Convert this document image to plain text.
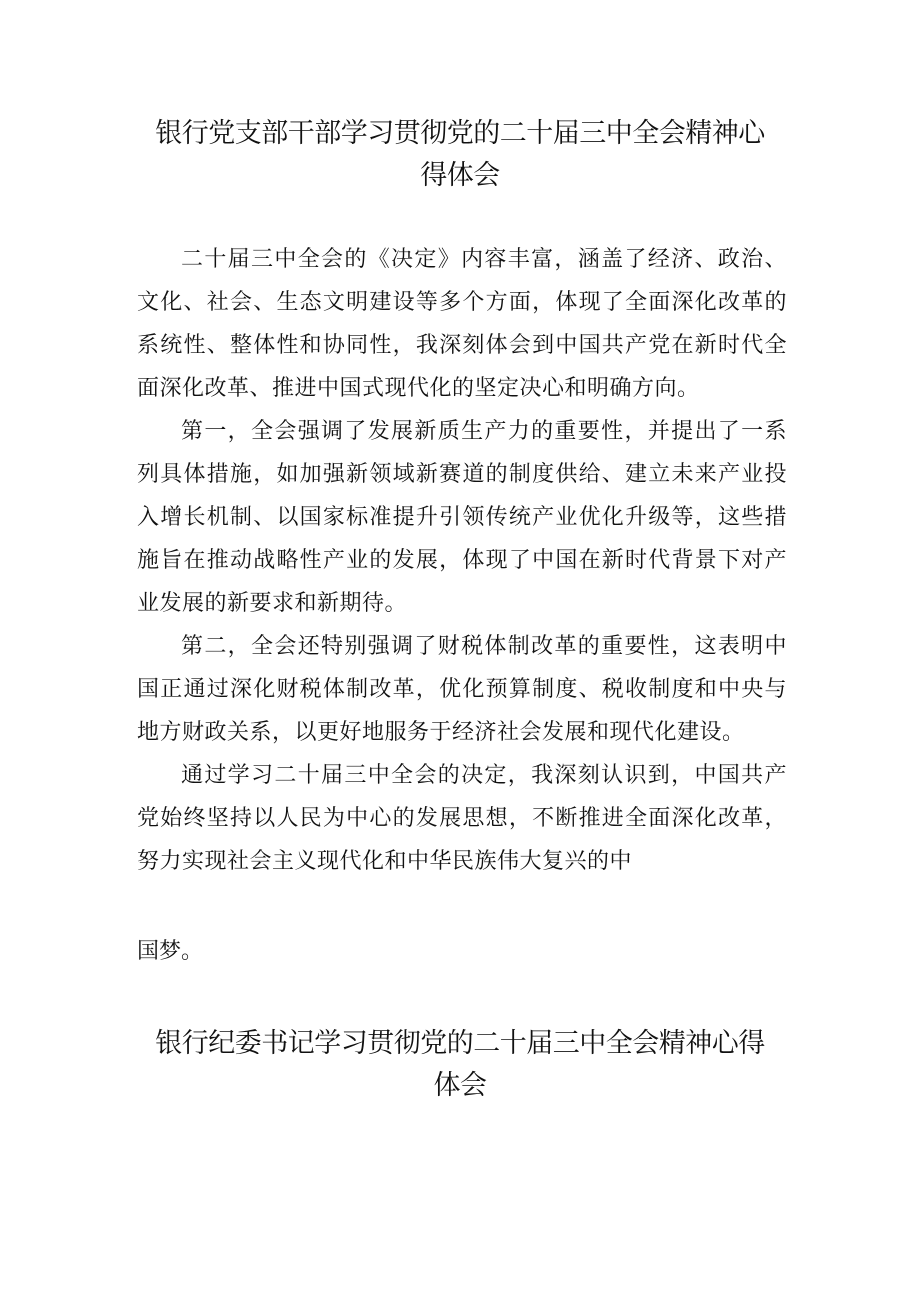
银行党支部干部学习贯彻党的二十届三中全会精神心
得体会

二十届三中全会的《决定》内容丰富，涵盖了经济、政治、文化、社会、生态文明建设等多个方面，体现了全面深化改革的系统性、整体性和协同性，我深刻体会到中国共产党在新时代全面深化改革、推进中国式现代化的坚定决心和明确方向。

第一，全会强调了发展新质生产力的重要性，并提出了一系列具体措施，如加强新领域新赛道的制度供给、建立未来产业投入增长机制、以国家标准提升引领传统产业优化升级等，这些措施旨在推动战略性产业的发展，体现了中国在新时代背景下对产业发展的新要求和新期待。

第二，全会还特别强调了财税体制改革的重要性，这表明中国正通过深化财税体制改革，优化预算制度、税收制度和中央与地方财政关系，以更好地服务于经济社会发展和现代化建设。

通过学习二十届三中全会的决定，我深刻认识到，中国共产党始终坚持以人民为中心的发展思想，不断推进全面深化改革，努力实现社会主义现代化和中华民族伟大复兴的中

国梦。

银行纪委书记学习贯彻党的二十届三中全会精神心得
体会
